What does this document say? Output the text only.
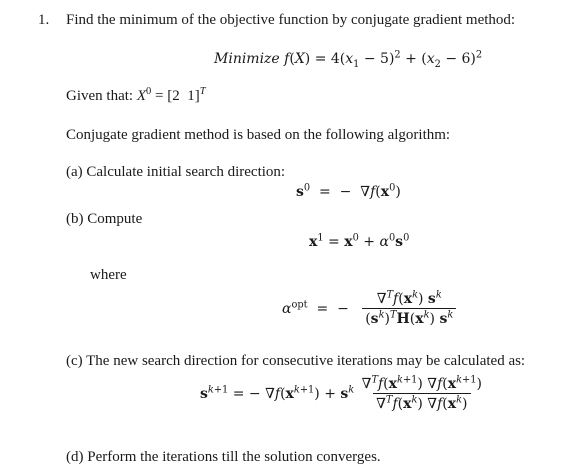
1. Find the minimum of the objective function by conjugate gradient method:
Minimize $f(X) = 4(x_1 - 5)^2 + (x_2 - 6)^2$
Given that: $X^0 = [2$  1]$^T$
Conjugate gradient method is based on the following algorithm:
(a) Calculate initial search direction:
$s^0$  =  −  $\nabla f(x^0)$
(b) Compute
$x^1 = x^0 + \alpha^0s^0$
where
$\alpha^{opt}$  =  − $\frac{\nabla^Tf(x^k) s^k}{(s^k)^TH(x^k) s^k}$
(c) The new search direction for consecutive iterations may be calculated as:
$s^{k+1}$ = − $\nabla f(x^{k+1}) + s^k \frac{\nabla^Tf(x^{k+1}) \nabla f(x^{k+1})}{\nabla^Tf(x^k) \nabla f(x^k)}$
(d) Perform the iterations till the solution converges.
